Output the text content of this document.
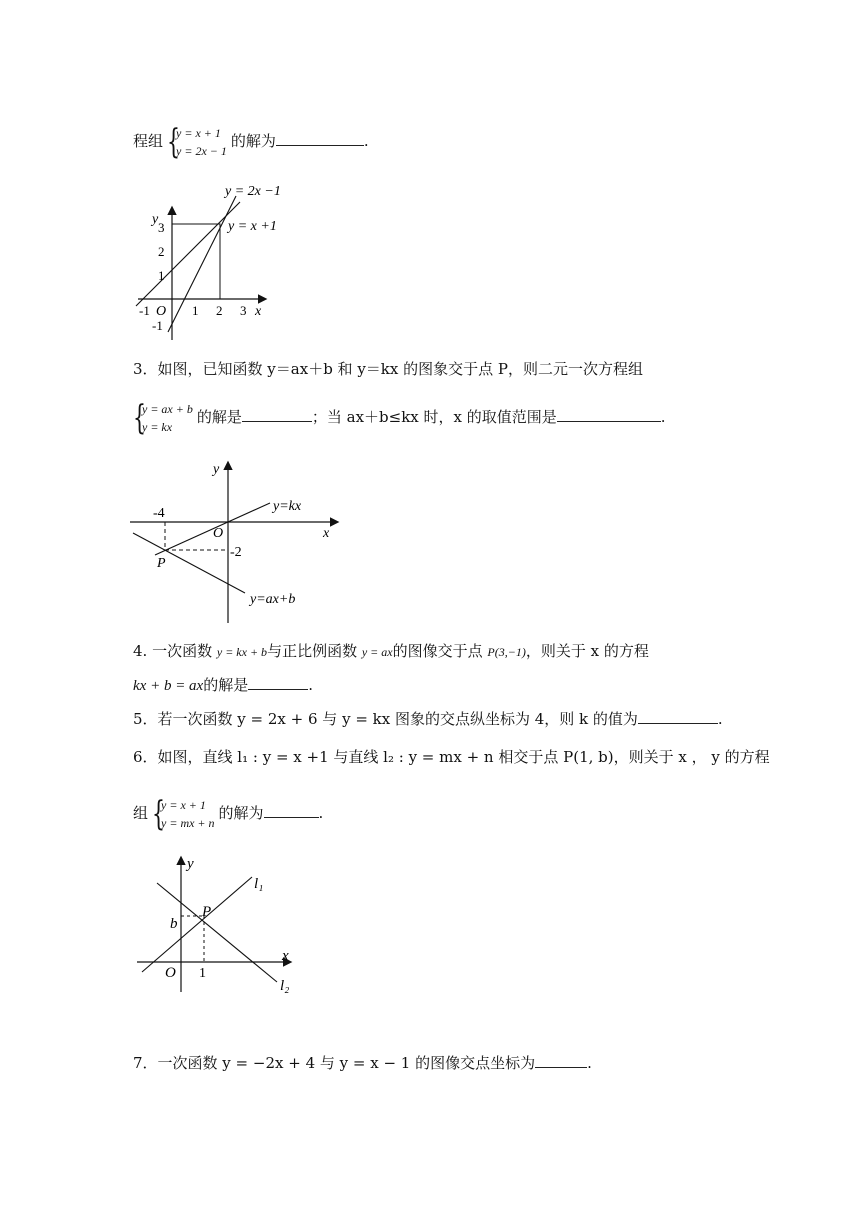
程组 {
y = x + 1
y = 2x − 1
的解为	.
y = 2x −1
y = x +1
y
3
2
1
-1
-1 O 1 2 3 x
3．如图，已知函数 y＝ax＋b 和 y＝kx 的图象交于点 P，则二元一次方程组
{
y = ax + b
y = kx
的解是	；当 ax＋b≤kx 时，x 的取值范围是	.
y
x
O
-4
-2
P
y=kx
y=ax+b
4. 一次函数 y = kx + b与正比例函数 y = ax的图像交于点 P(3,−1)，则关于 x 的方程
kx + b = ax的解是	.
5．若一次函数 y = 2x + 6 与 y = kx 图象的交点纵坐标为 4，则 k 的值为	.
6．如图，直线 l₁ : y = x +1 与直线 l₂ : y = mx + n 相交于点 P(1, b)，则关于 x ， y 的方程
组 {
y = x + 1
y = mx + n
的解为	.
y
x
O 1
b
P
l₁
l₂
7．一次函数 y = −2x + 4 与 y = x − 1 的图像交点坐标为	.
